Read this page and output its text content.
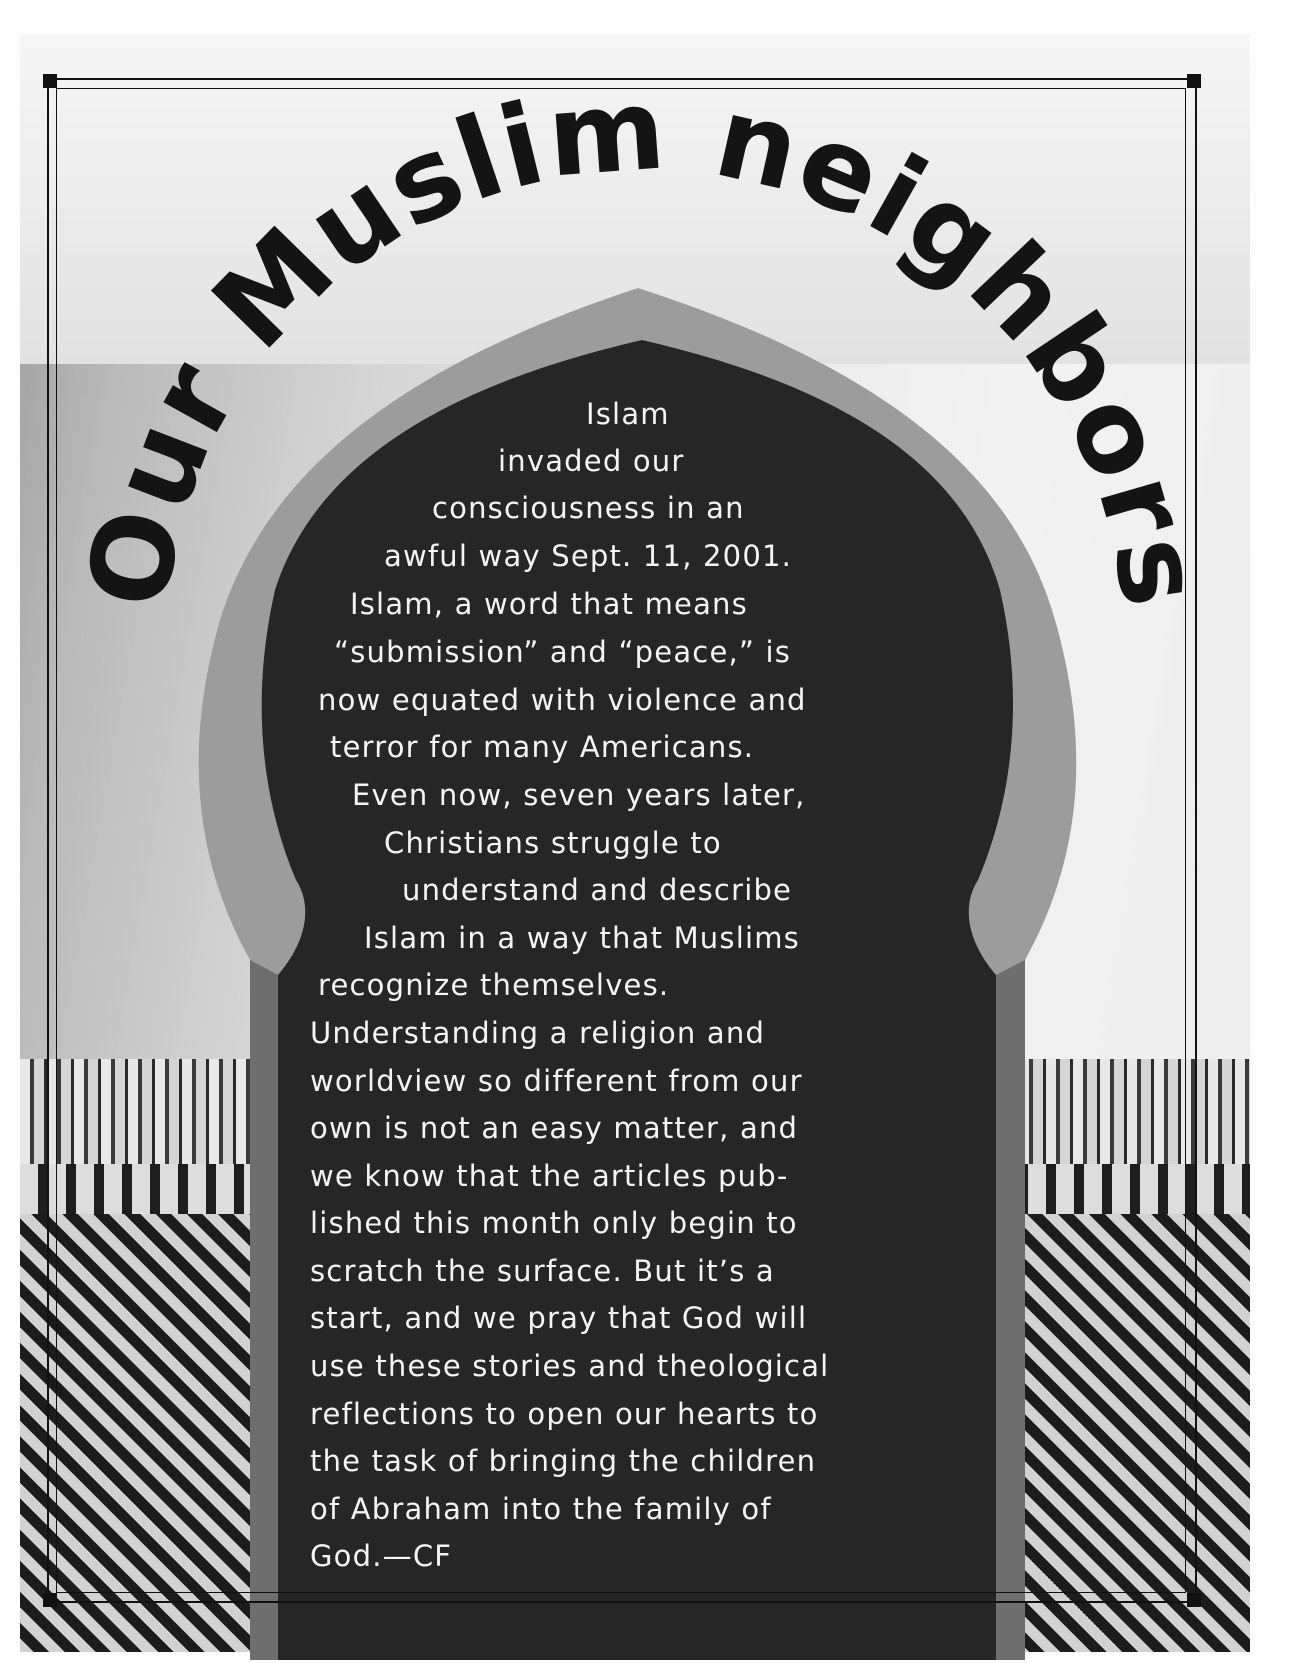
Our Muslim neighbors
Islam
invaded our
consciousness in an
awful way Sept. 11, 2001.
Islam, a word that means
“submission” and “peace,” is
now equated with violence and
terror for many Americans.
Even now, seven years later,
Christians struggle to
understand and describe
Islam in a way that Muslims
recognize themselves.
Understanding a religion and
worldview so different from our
own is not an easy matter, and
we know that the articles pub-
lished this month only begin to
scratch the surface. But it’s a
start, and we pray that God will
use these stories and theological
reflections to open our hearts to
the task of bringing the children
of Abraham into the family of
God.—CF
